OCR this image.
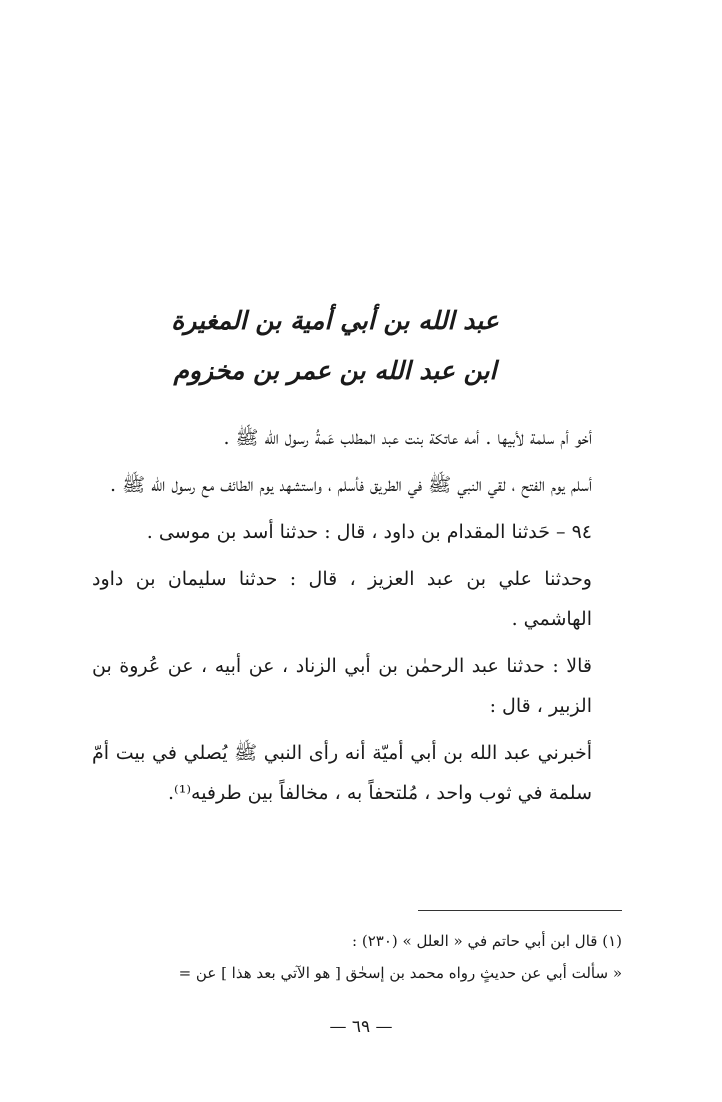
عبد الله بن أبي أمية بن المغيرة
ابن عبد الله بن عمر بن مخزوم

أخو أم سلمة لأبيها . أمه عاتكة بنت عبد المطلب عَمةُ رسول الله ﷺ .

أسلم يوم الفتح ، لقي النبي ﷺ في الطريق فأسلم ، واستشهد يوم الطائف مع رسول الله ﷺ .

٩٤ – حَدثنا المقدام بن داود ، قال : حدثنا أسد بن موسى .

وحدثنا علي بن عبد العزيز ، قال : حدثنا سليمان بن داود الهاشمي .

قالا : حدثنا عبد الرحمٰن بن أبي الزناد ، عن أبيه ، عن عُروة بن الزبير ، قال :

أخبرني عبد الله بن أبي أميّة أنه رأى النبي ﷺ يُصلي في بيت أمّ سلمة في ثوب واحد ، مُلتحفاً به ، مخالفاً بين طرفيه⁽¹⁾.

(١) قال ابن أبي حاتم في « العلل » (٢٣٠) :
« سألت أبي عن حديثٍ رواه محمد بن إسحٰق [ هو الآتي بعد هذا ] عن =
— ٦٩ —
